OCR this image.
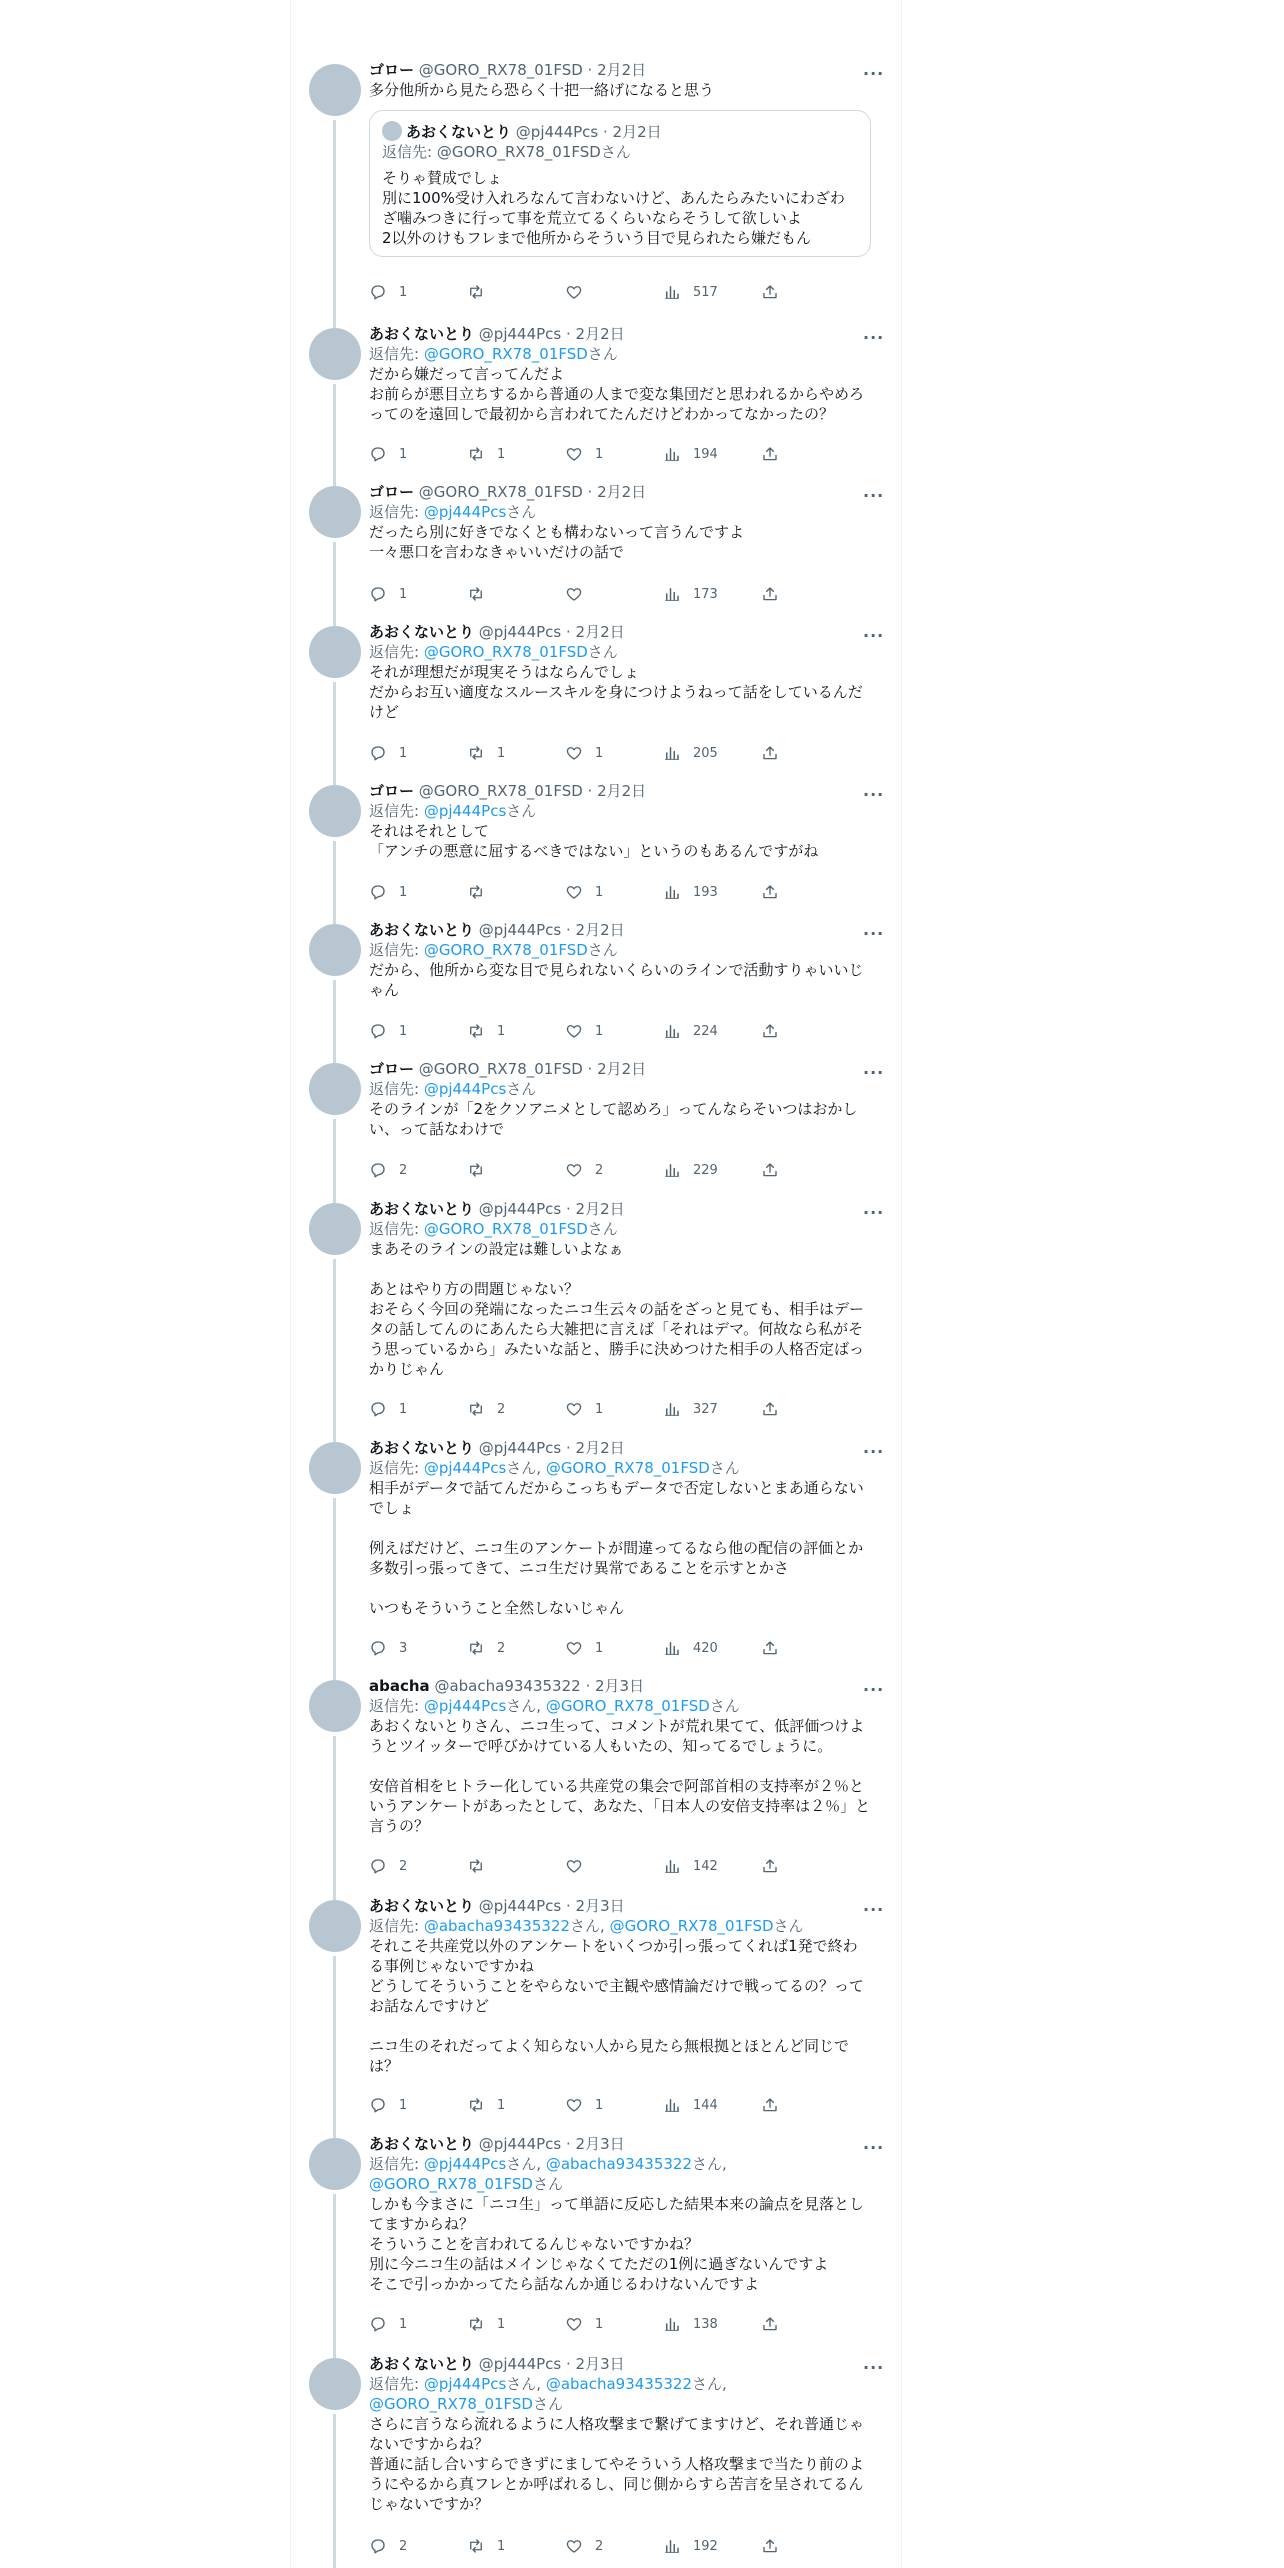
···
ゴロー @GORO_RX78_01FSD · 2月2日
多分他所から見たら恐らく十把一絡げになると思う
あおくないとり @pj444Pcs · 2月2日
返信先: @GORO_RX78_01FSDさん
そりゃ賛成でしょ
別に100%受け入れろなんて言わないけど、あんたらみたいにわざわざ噛みつきに行って事を荒立てるくらいならそうして欲しいよ
2以外のけもフレまで他所からそういう目で見られたら嫌だもん
1	517
···
あおくないとり @pj444Pcs · 2月2日
返信先: @GORO_RX78_01FSDさん
だから嫌だって言ってんだよ
お前らが悪目立ちするから普通の人まで変な集団だと思われるからやめろってのを遠回しで最初から言われてたんだけどわかってなかったの？
1	1	1	194
···
ゴロー @GORO_RX78_01FSD · 2月2日
返信先: @pj444Pcsさん
だったら別に好きでなくとも構わないって言うんですよ
一々悪口を言わなきゃいいだけの話で
1	173
···
あおくないとり @pj444Pcs · 2月2日
返信先: @GORO_RX78_01FSDさん
それが理想だが現実そうはならんでしょ
だからお互い適度なスルースキルを身につけようねって話をしているんだけど
1	1	1	205
···
ゴロー @GORO_RX78_01FSD · 2月2日
返信先: @pj444Pcsさん
それはそれとして
「アンチの悪意に屈するべきではない」というのもあるんですがね
1	1	193
···
あおくないとり @pj444Pcs · 2月2日
返信先: @GORO_RX78_01FSDさん
だから、他所から変な目で見られないくらいのラインで活動すりゃいいじゃん
1	1	1	224
···
ゴロー @GORO_RX78_01FSD · 2月2日
返信先: @pj444Pcsさん
そのラインが「2をクソアニメとして認めろ」ってんならそいつはおかしい、って話なわけで
2	2	229
···
あおくないとり @pj444Pcs · 2月2日
返信先: @GORO_RX78_01FSDさん
まあそのラインの設定は難しいよなぁ

あとはやり方の問題じゃない？
おそらく今回の発端になったニコ生云々の話をざっと見ても、相手はデータの話してんのにあんたら大雑把に言えば「それはデマ。何故なら私がそう思っているから」みたいな話と、勝手に決めつけた相手の人格否定ばっかりじゃん
1	2	1	327
···
あおくないとり @pj444Pcs · 2月2日
返信先: @pj444Pcsさん, @GORO_RX78_01FSDさん
相手がデータで話てんだからこっちもデータで否定しないとまあ通らないでしょ

例えばだけど、ニコ生のアンケートが間違ってるなら他の配信の評価とか多数引っ張ってきて、ニコ生だけ異常であることを示すとかさ

いつもそういうこと全然しないじゃん
3	2	1	420
···
abacha @abacha93435322 · 2月3日
返信先: @pj444Pcsさん, @GORO_RX78_01FSDさん
あおくないとりさん、ニコ生って、コメントが荒れ果てて、低評価つけようとツイッターで呼びかけている人もいたの、知ってるでしょうに。

安倍首相をヒトラー化している共産党の集会で阿部首相の支持率が２％というアンケートがあったとして、あなた、「日本人の安倍支持率は２％」と言うの？
2	142
···
あおくないとり @pj444Pcs · 2月3日
返信先: @abacha93435322さん, @GORO_RX78_01FSDさん
それこそ共産党以外のアンケートをいくつか引っ張ってくれば1発で終わる事例じゃないですかね
どうしてそういうことをやらないで主観や感情論だけで戦ってるの？ってお話なんですけど

ニコ生のそれだってよく知らない人から見たら無根拠とほとんど同じでは？
1	1	1	144
···
あおくないとり @pj444Pcs · 2月3日
返信先: @pj444Pcsさん, @abacha93435322さん, @GORO_RX78_01FSDさん
しかも今まさに「ニコ生」って単語に反応した結果本来の論点を見落としてますからね？
そういうことを言われてるんじゃないですかね？
別に今ニコ生の話はメインじゃなくてただの1例に過ぎないんですよ
そこで引っかかってたら話なんか通じるわけないんですよ
1	1	1	138
···
あおくないとり @pj444Pcs · 2月3日
返信先: @pj444Pcsさん, @abacha93435322さん, @GORO_RX78_01FSDさん
さらに言うなら流れるように人格攻撃まで繋げてますけど、それ普通じゃないですからね？
普通に話し合いすらできずにましてやそういう人格攻撃まで当たり前のようにやるから真フレとか呼ばれるし、同じ側からすら苦言を呈されてるんじゃないですか？
2	1	2	192
